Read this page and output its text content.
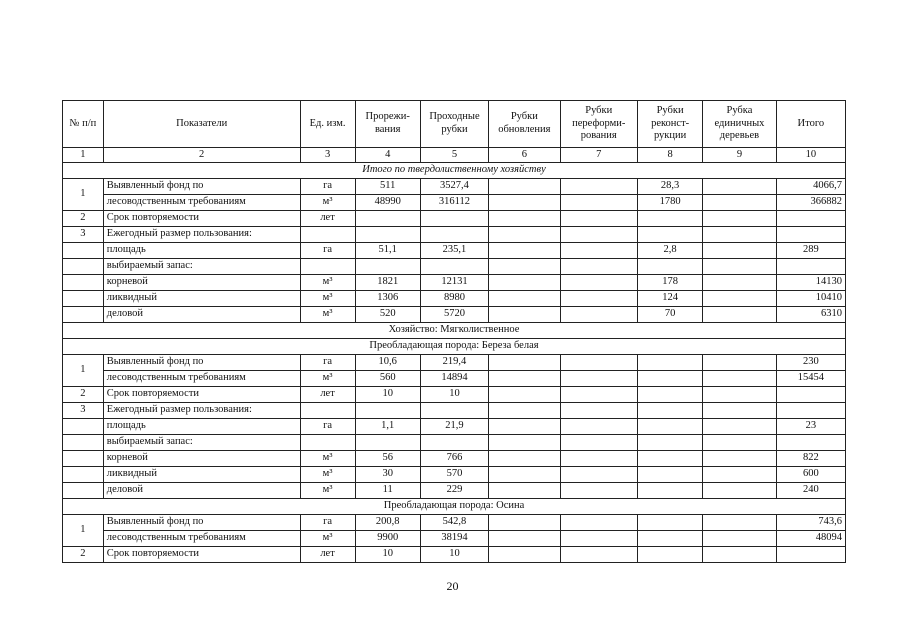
№ п/п	Показатели	Ед. изм.	Прорежи-вания	Проходные рубки	Рубки обновления	Рубки переформи-рования	Рубки реконст-рукции	Рубка единичных деревьев	Итого
1	2	3	4	5	6	7	8	9	10
Итого по твердолиственному хозяйству									
1	Выявленный фонд по	га	511	3527,4			28,3		4066,7
	лесоводственным требованиям	м³	48990	316112			1780		366882
2	Срок повторяемости	лет							
3	Ежегодный размер пользования:								
	площадь	га	51,1	235,1			2,8		289
	выбираемый запас:								
	корневой	м³	1821	12131			178		14130
	ликвидный	м³	1306	8980			124		10410
	деловой	м³	520	5720			70		6310
Хозяйство: Мягколиственное									
Преобладающая порода: Береза белая									
1	Выявленный фонд по	га	10,6	219,4					230
	лесоводственным требованиям	м³	560	14894					15454
2	Срок повторяемости	лет	10	10					
3	Ежегодный размер пользования:								
	площадь	га	1,1	21,9					23
	выбираемый запас:								
	корневой	м³	56	766					822
	ликвидный	м³	30	570					600
	деловой	м³	11	229					240
Преобладающая порода: Осина									
1	Выявленный фонд по	га	200,8	542,8					743,6
	лесоводственным требованиям	м³	9900	38194					48094
2	Срок повторяемости	лет	10	10					
20
